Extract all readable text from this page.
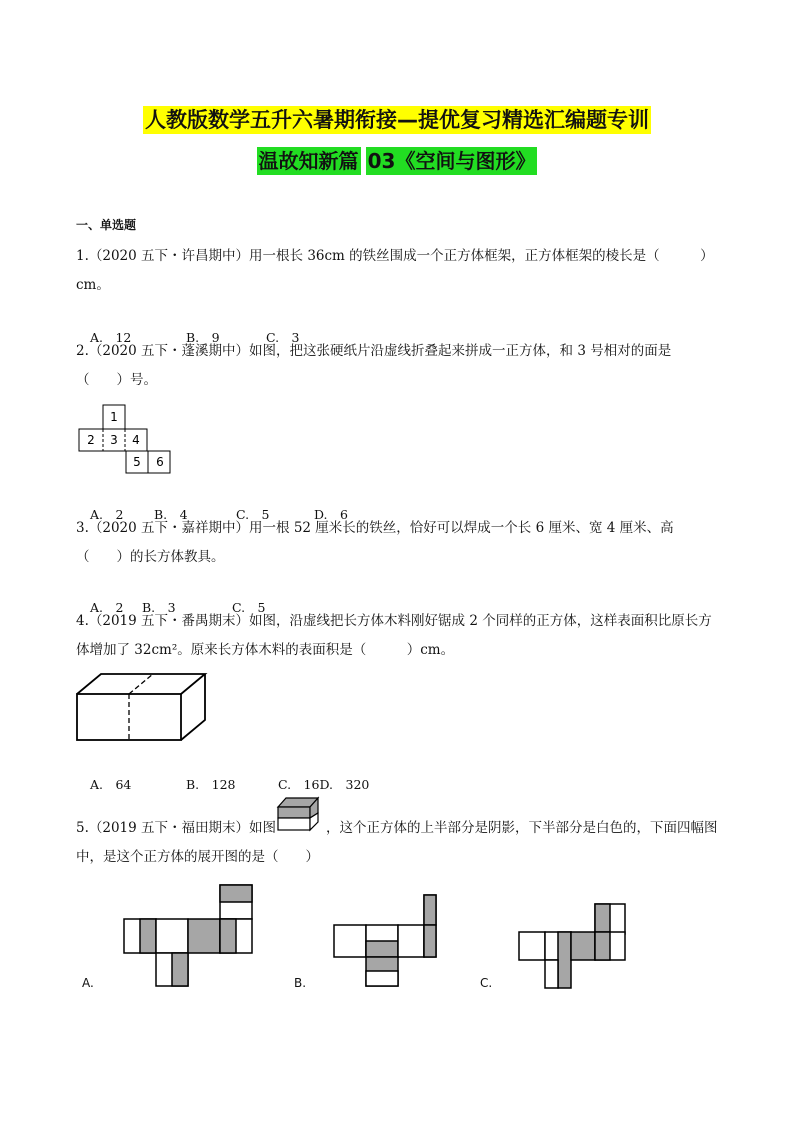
人教版数学五升六暑期衔接—提优复习精选汇编题专训
温故知新篇 03《空间与图形》
一、单选题
1.（2020 五下・许昌期中）用一根长 36cm 的铁丝围成一个正方体框架，正方体框架的棱长是（　　　）
cm。

A.　12	B.　9	C.　3

2.（2020 五下・蓬溪期中）如图，把这张硬纸片沿虚线折叠起来拼成一正方体，和 3 号相对的面是
（　　）号。
1
2 3 4
5 6

A.　2 B.　4	C.　5	D.　6

3.（2020 五下・嘉祥期中）用一根 52 厘米长的铁丝，恰好可以焊成一个长 6 厘米、宽 4 厘米、高
（　　）的长方体教具。

A.　2 B.　3	C.　5

4.（2019 五下・番禺期末）如图，沿虚线把长方体木料刚好锯成 2 个同样的正方体，这样表面积比原长方
体增加了 32cm²。原来长方体木料的表面积是（　　　）cm。

A.　64	B.　128	C.　16D.　320

5.（2019 五下・福田期末）如图	，这个正方体的上半部分是阴影，下半部分是白色的，下面四幅图
中，是这个正方体的展开图的是（　　）
A.	B.	C.
